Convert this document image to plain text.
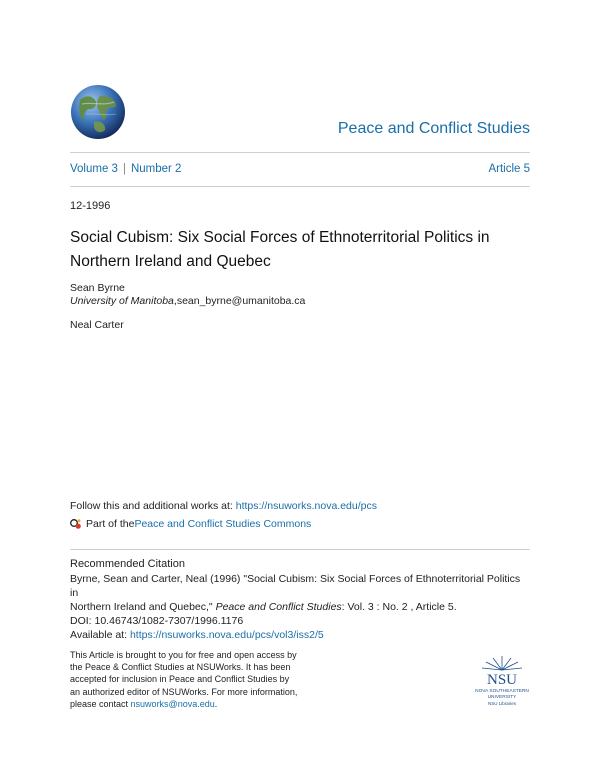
Peace and Conflict Studies
Volume 3 | Number 2	Article 5
12-1996
Social Cubism: Six Social Forces of Ethnoterritorial Politics in Northern Ireland and Quebec
Sean Byrne
University of Manitoba,sean_byrne@umanitoba.ca
Neal Carter
Follow this and additional works at: https://nsuworks.nova.edu/pcs
Part of the Peace and Conflict Studies Commons
Recommended Citation
Byrne, Sean and Carter, Neal (1996) "Social Cubism: Six Social Forces of Ethnoterritorial Politics in
Northern Ireland and Quebec," Peace and Conflict Studies: Vol. 3 : No. 2 , Article 5.
DOI: 10.46743/1082-7307/1996.1176
Available at: https://nsuworks.nova.edu/pcs/vol3/iss2/5
This Article is brought to you for free and open access by
the Peace & Conflict Studies at NSUWorks. It has been
accepted for inclusion in Peace and Conflict Studies by
an authorized editor of NSUWorks. For more information,
please contact nsuworks@nova.edu.
NSU
NOVA SOUTHEASTERN
UNIVERSITY
NSU Libraries
